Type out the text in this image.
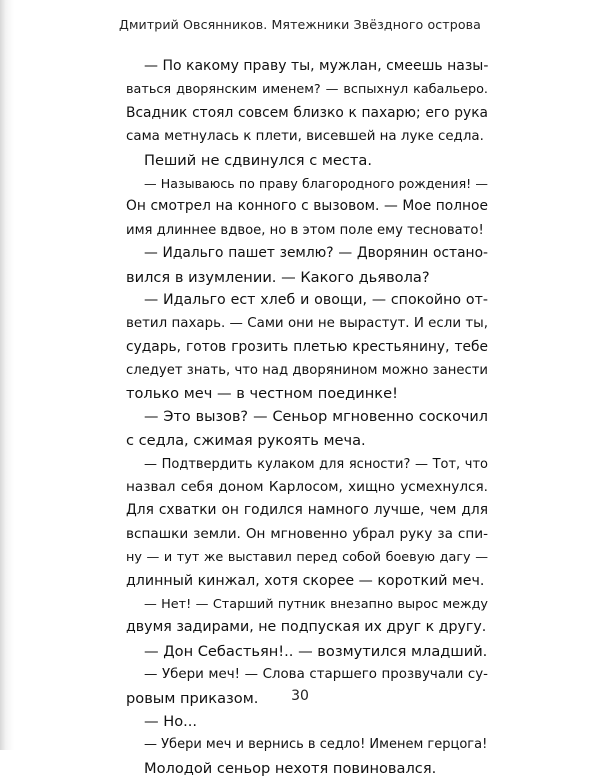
Дмитрий Овсянников. Мятежники Звёздного острова
— По какому праву ты, мужлан, смеешь назы-
ваться дворянским именем? — вспыхнул кабальеро.
Всадник стоял совсем близко к пахарю; его рука
сама метнулась к плети, висевшей на луке седла.
Пеший не сдвинулся с места.
— Называюсь по праву благородного рождения! —
Он смотрел на конного с вызовом. — Мое полное
имя длиннее вдвое, но в этом поле ему тесновато!
— Идальго пашет землю? — Дворянин остано-
вился в изумлении. — Какого дьявола?
— Идальго ест хлеб и овощи, — спокойно от-
ветил пахарь. — Сами они не вырастут. И если ты,
сударь, готов грозить плетью крестьянину, тебе
следует знать, что над дворянином можно занести
только меч — в честном поединке!
— Это вызов? — Сеньор мгновенно соскочил
с седла, сжимая рукоять меча.
— Подтвердить кулаком для ясности? — Тот, что
назвал себя доном Карлосом, хищно усмехнулся.
Для схватки он годился намного лучше, чем для
вспашки земли. Он мгновенно убрал руку за спи-
ну — и тут же выставил перед собой боевую дагу —
длинный кинжал, хотя скорее — короткий меч.
— Нет! — Старший путник внезапно вырос между
двумя задирами, не подпуская их друг к другу.
— Дон Себастьян!.. — возмутился младший.
— Убери меч! — Слова старшего прозвучали су-
ровым приказом.
— Но...
— Убери меч и вернись в седло! Именем герцога!
Молодой сеньор нехотя повиновался.
30
